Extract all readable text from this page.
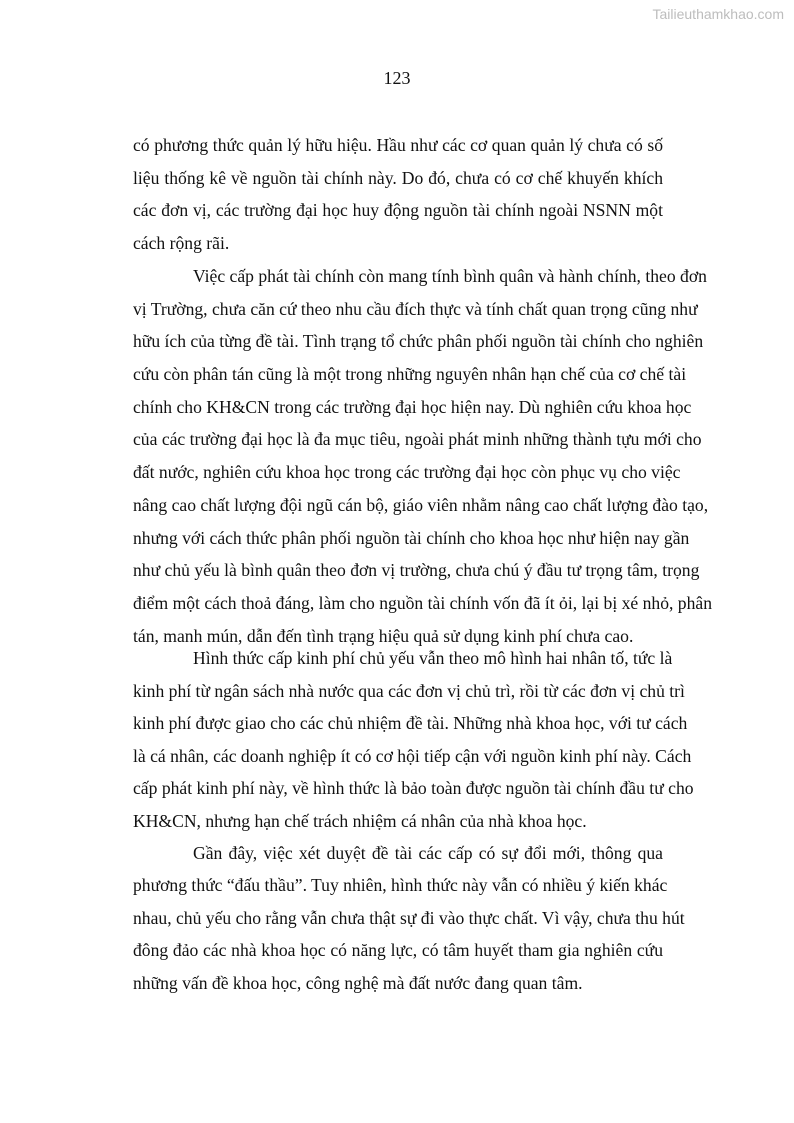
Tailieuthamkhao.com
123
có phương thức quản lý hữu hiệu. Hầu như các cơ quan quản lý chưa có số
liệu thống kê về nguồn tài chính này. Do đó, chưa có cơ chế khuyến khích
các đơn vị, các trường đại học huy động nguồn tài chính ngoài NSNN một
cách rộng rãi.
Việc cấp phát tài chính còn mang tính bình quân và hành chính, theo đơn
vị Trường, chưa căn cứ theo nhu cầu đích thực và tính chất quan trọng cũng như
hữu ích của từng đề tài. Tình trạng tổ chức phân phối nguồn tài chính cho nghiên
cứu còn phân tán cũng là một trong những nguyên nhân hạn chế của cơ chế tài
chính cho KH&CN trong các trường đại học hiện nay. Dù nghiên cứu khoa học
của các trường đại học là đa mục tiêu, ngoài phát minh những thành tựu mới cho
đất nước, nghiên cứu khoa học trong các trường đại học còn phục vụ cho việc
nâng cao chất lượng đội ngũ cán bộ, giáo viên nhằm nâng cao chất lượng đào tạo,
nhưng với cách thức phân phối nguồn tài chính cho khoa học như hiện nay gần
như chủ yếu là bình quân theo đơn vị trường, chưa chú ý đầu tư trọng tâm, trọng
điểm một cách thoả đáng, làm cho nguồn tài chính vốn đã ít ỏi, lại bị xé nhỏ, phân
tán, manh mún, dẫn đến tình trạng hiệu quả sử dụng kinh phí chưa cao.
Hình thức cấp kinh phí chủ yếu vẫn theo mô hình hai nhân tố, tức là
kinh phí từ ngân sách nhà nước qua các đơn vị chủ trì, rồi từ các đơn vị chủ trì
kinh phí được giao cho các chủ nhiệm đề tài. Những nhà khoa học, với tư cách
là cá nhân, các doanh nghiệp ít có cơ hội tiếp cận với nguồn kinh phí này. Cách
cấp phát kinh phí này, về hình thức là bảo toàn được nguồn tài chính đầu tư cho
KH&CN, nhưng hạn chế trách nhiệm cá nhân của nhà khoa học.
Gần đây, việc xét duyệt đề tài các cấp có sự đổi mới, thông qua
phương thức “đấu thầu”. Tuy nhiên, hình thức này vẫn có nhiều ý kiến khác
nhau, chủ yếu cho rằng vẫn chưa thật sự đi vào thực chất. Vì vậy, chưa thu hút
đông đảo các nhà khoa học có năng lực, có tâm huyết tham gia nghiên cứu
những vấn đề khoa học, công nghệ mà đất nước đang quan tâm.
